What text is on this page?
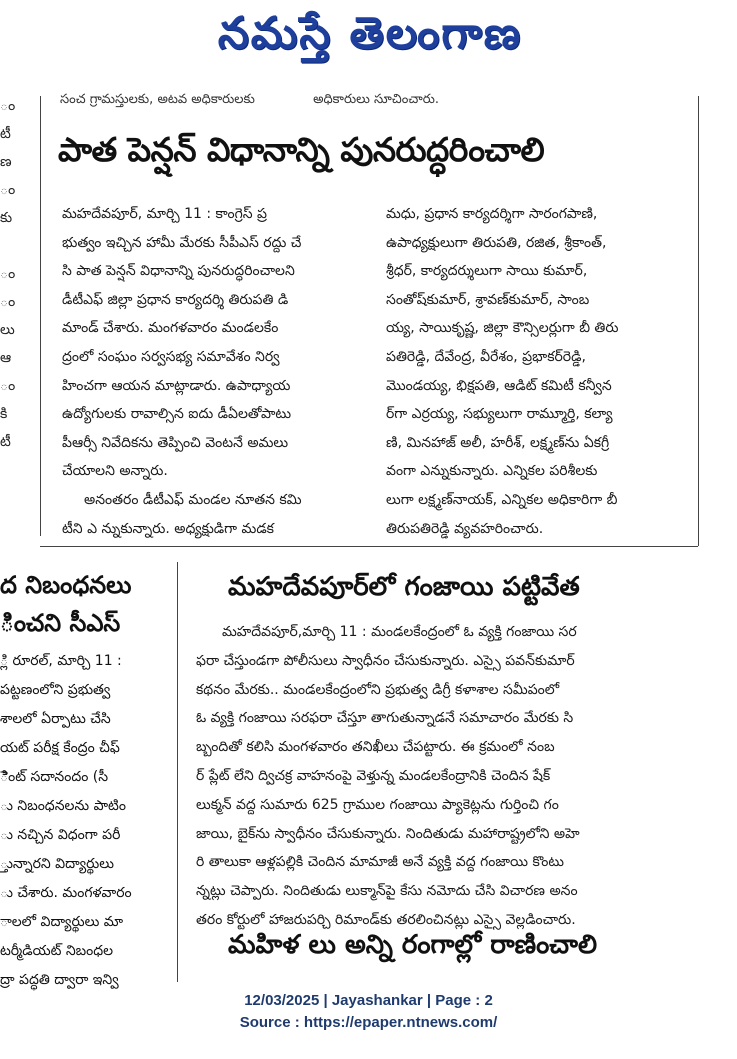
నమస్తే తెలంగాణ
ం
టీ
ణ
ం
కు
ం
ం
లు
ఆ
ం
కి
టీ
సంచ గ్రామస్తులకు, అటవ అధికారులకు	అధికారులు సూచించారు.
పాత పెన్షన్ విధానాన్ని పునరుద్ధరించాలి
మహదేవపూర్, మార్చి 11 : కాంగ్రెస్ ప్ర
భుత్వం ఇచ్చిన హామీ మేరకు సీపీఎస్ రద్దు చే
సి పాత పెన్షన్ విధానాన్ని పునరుద్ధరించాలని
డీటీఎఫ్ జిల్లా ప్రధాన కార్యదర్శి తిరుపతి డి
మాండ్ చేశారు. మంగళవారం మండలకేం
ద్రంలో సంఘం సర్వసభ్య సమావేశం నిర్వ
హించగా ఆయన మాట్లాడారు. ఉపాధ్యాయ
ఉద్యోగులకు రావాల్సిన ఐదు డీఏలతోపాటు
పీఆర్సీ నివేదికను తెప్పించి వెంటనే అమలు
చేయాలని అన్నారు.
అనంతరం డీటీఎఫ్ మండల నూతన కమి
టీని ఎ న్నుకున్నారు. అధ్యక్షుడిగా మడక
మధు, ప్రధాన కార్యదర్శిగా సారంగపాణి,
ఉపాధ్యక్షులుగా తిరుపతి, రజిత, శ్రీకాంత్,
శ్రీధర్, కార్యదర్శులుగా సాయి కుమార్,
సంతోష్‌కుమార్, శ్రావణ్‌కుమార్, సాంబ
య్య, సాయికృష్ణ, జిల్లా కౌన్సిలర్లుగా బీ తిరు
పతిరెడ్డి, దేవేంద్ర, వీరేశం, ప్రభాకర్‌రెడ్డి,
మొండయ్య, భిక్షపతి, ఆడిట్ కమిటీ కన్వీన
ర్‌గా ఎర్రయ్య, సభ్యులుగా రామ్మూర్తి, కల్యా
ణి, మినహాజ్ అలీ, హరీశ్, లక్ష్మణ్‌ను ఏకగ్రీ
వంగా ఎన్నుకున్నారు. ఎన్నికల పరిశీలకు
లుగా లక్ష్మణ్‌నాయక్, ఎన్నికల అధికారిగా బీ
తిరుపతిరెడ్డి వ్యవహరించారు.
ద నిబంధనలు
ించని సీఎస్
్లి రూరల్, మార్చి 11 :
పట్టణంలోని ప్రభుత్వ
శాలలో ఏర్పాటు చేసి
యట్ పరీక్ష కేంద్రం చీఫ్
ిెంట్ సదానందం (సీ
ు నిబంధనలను పాటిం
ు నచ్చిన విధంగా పరీ
్తున్నారని విద్యార్థులు
ు చేశారు. మంగళవారం
ాలలో విద్యార్థులు మా
టర్మీడియట్ నిబంధల
ద్రా పద్ధతి ద్వారా ఇన్వి
మహదేవపూర్‌లో గంజాయి పట్టివేత
మహదేవపూర్,మార్చి 11 : మండలకేంద్రంలో ఓ వ్యక్తి గంజాయి సర
ఫరా చేస్తుండగా పోలీసులు స్వాధీనం చేసుకున్నారు. ఎస్సై పవన్‌కుమార్
కథనం మేరకు.. మండలకేంద్రంలోని ప్రభుత్వ డిగ్రీ కళాశాల సమీపంలో
ఓ వ్యక్తి గంజాయి సరఫరా చేస్తూ తాగుతున్నాడనే సమాచారం మేరకు సి
బ్బందితో కలిసి మంగళవారం తనిఖీలు చేపట్టారు. ఈ క్రమంలో నంబ
ర్ ప్లేట్ లేని ద్విచక్ర వాహనంపై వెళ్తున్న మండలకేంద్రానికి చెందిన షేక్
లుక్మన్ వద్ద సుమారు 625 గ్రాముల గంజాయి ప్యాకెట్లను గుర్తించి గం
జాయి, బైక్‌ను స్వాధీనం చేసుకున్నారు. నిందితుడు మహారాష్ట్రలోని అహె
రి తాలుకా ఆళ్లపల్లికి చెందిన మామాజీ అనే వ్యక్తి వద్ద గంజాయి కొంటు
న్నట్లు చెప్పారు. నిందితుడు లుక్మాన్‌పై కేసు నమోదు చేసి విచారణ అనం
తరం కోర్టులో హాజరుపర్చి రిమాండ్‌కు తరలించినట్లు ఎస్సై వెల్లడించారు.
మహిళ లు అన్ని రంగాల్లో రాణించాలి
12/03/2025 | Jayashankar | Page : 2
Source : https://epaper.ntnews.com/
